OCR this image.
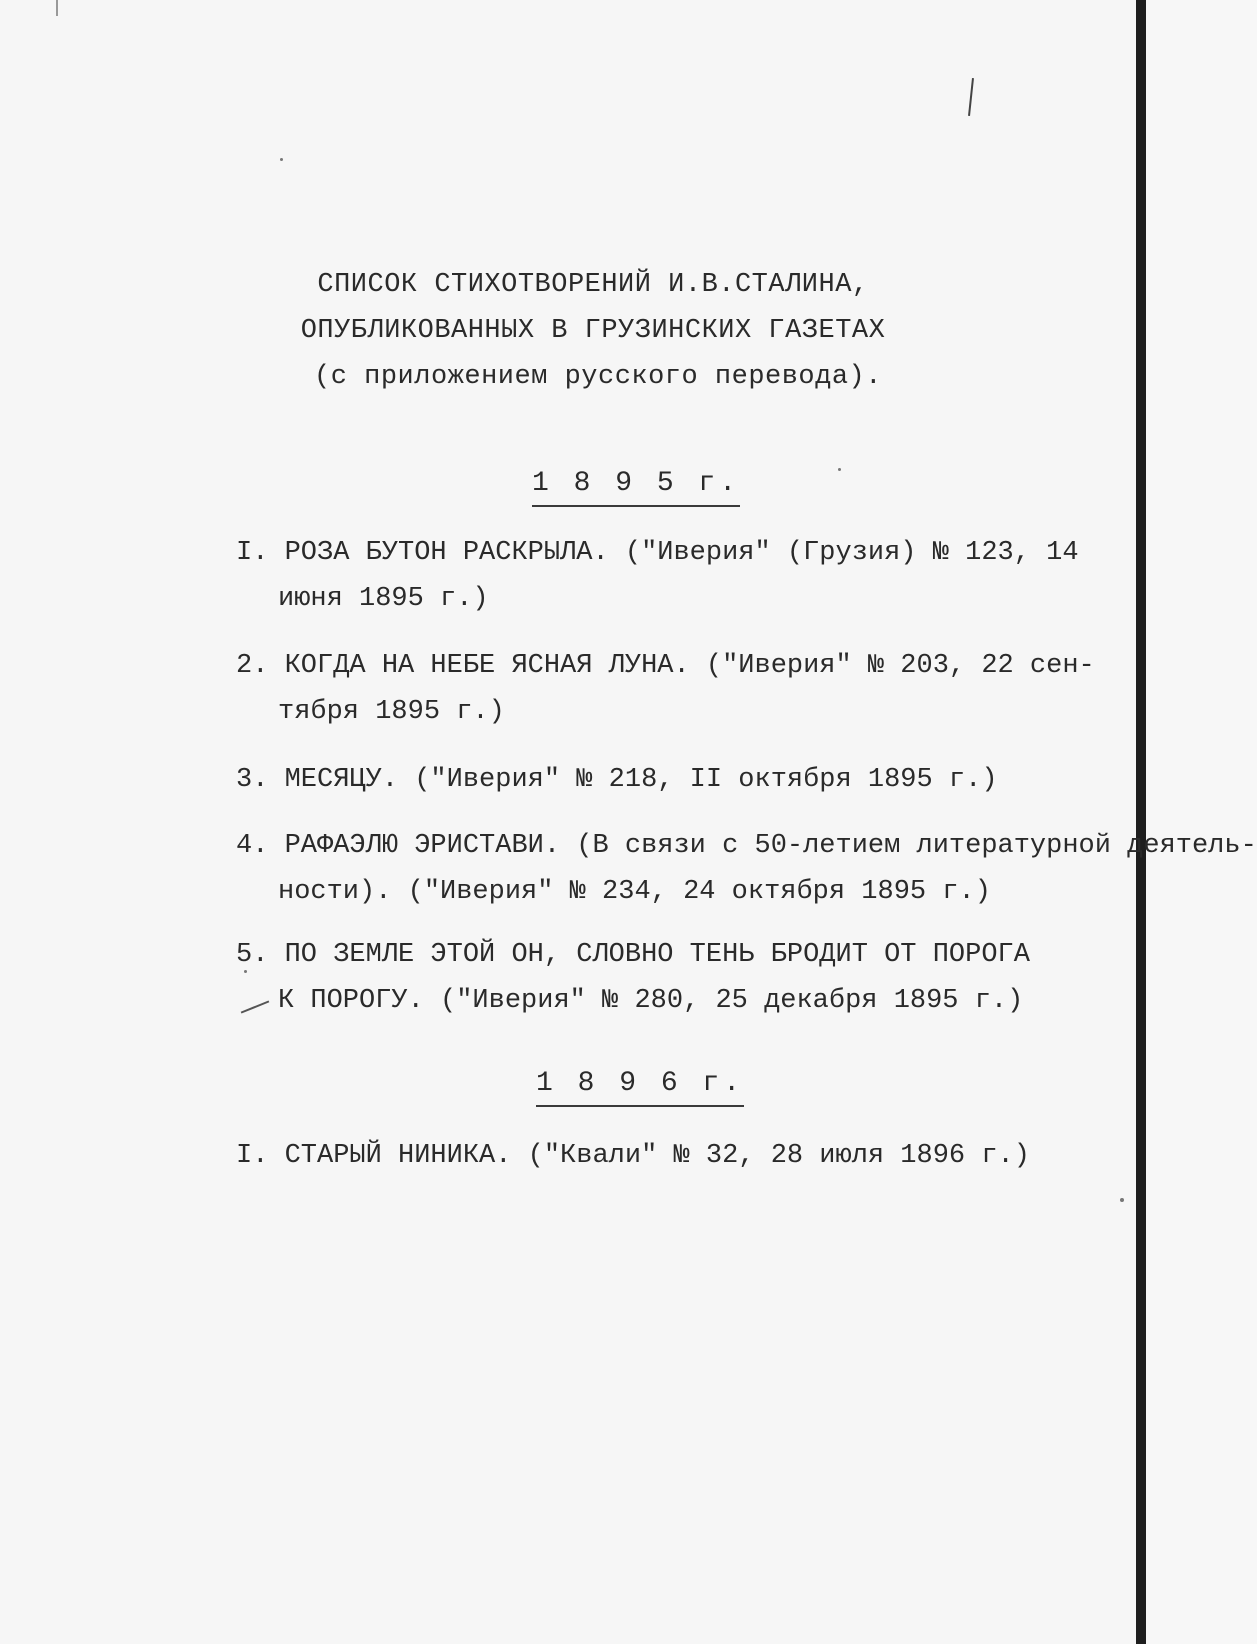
СПИСОК СТИХОТВОРЕНИЙ И.В.СТАЛИНА,
ОПУБЛИКОВАННЫХ В ГРУЗИНСКИХ ГАЗЕТАХ
(с приложением русского перевода).
1 8 9 5 г.
I. РОЗА БУТОН РАСКРЫЛА. ("Иверия" (Грузия) № 123, 14
июня 1895 г.)
2. КОГДА НА НЕБЕ ЯСНАЯ ЛУНА. ("Иверия" № 203, 22 сен-
тября 1895 г.)
3. МЕСЯЦУ. ("Иверия" № 218, II октября 1895 г.)
4. РАФАЭЛЮ ЭРИСТАВИ. (В связи с 50-летием литературной деятель-
ности). ("Иверия" № 234, 24 октября 1895 г.)
5. ПО ЗЕМЛЕ ЭТОЙ ОН, СЛОВНО ТЕНЬ БРОДИТ ОТ ПОРОГА
К ПОРОГУ. ("Иверия" № 280, 25 декабря 1895 г.)
1 8 9 6 г.
I. СТАРЫЙ НИНИКА. ("Квали" № 32, 28 июля 1896 г.)
